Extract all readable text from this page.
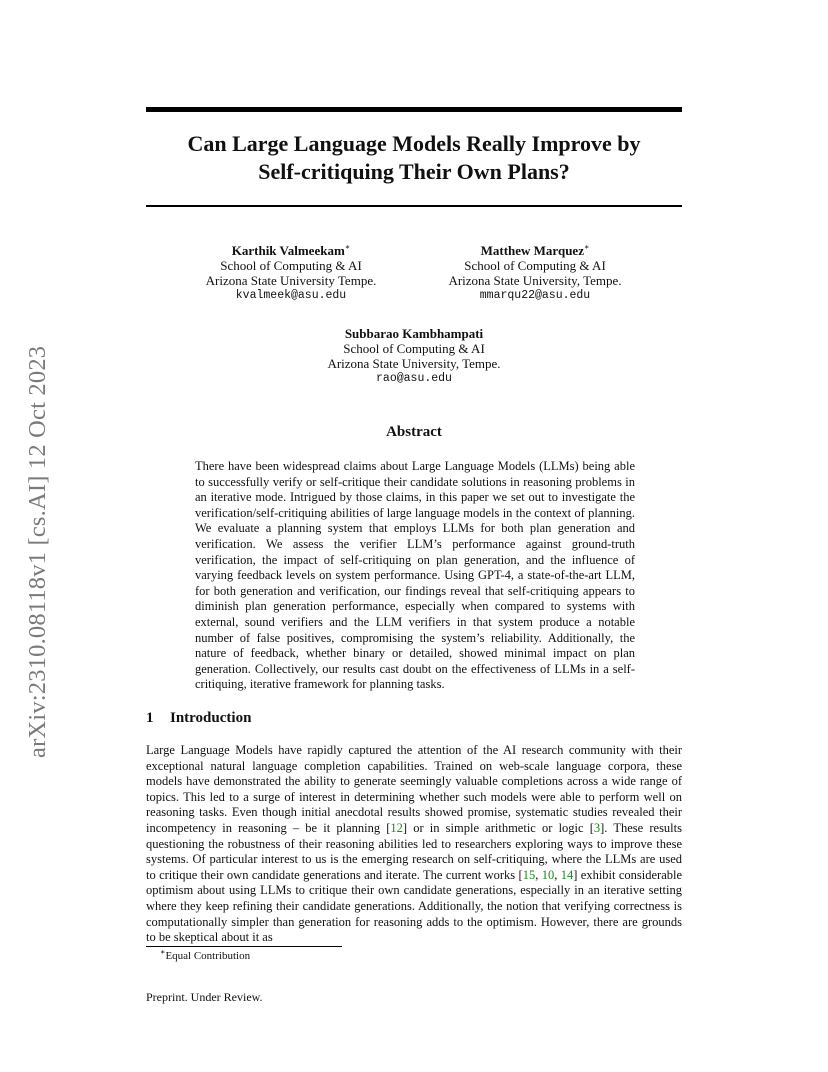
arXiv:2310.08118v1 [cs.AI] 12 Oct 2023
Can Large Language Models Really Improve by
Self-critiquing Their Own Plans?
Karthik Valmeekam∗
School of Computing & AI
Arizona State University Tempe.
kvalmeek@asu.edu
Matthew Marquez∗
School of Computing & AI
Arizona State University, Tempe.
mmarqu22@asu.edu
Subbarao Kambhampati
School of Computing & AI
Arizona State University, Tempe.
rao@asu.edu
Abstract
There have been widespread claims about Large Language Models (LLMs) being able to successfully verify or self-critique their candidate solutions in reasoning problems in an iterative mode. Intrigued by those claims, in this paper we set out to investigate the verification/self-critiquing abilities of large language models in the context of planning. We evaluate a planning system that employs LLMs for both plan generation and verification. We assess the verifier LLM’s performance against ground-truth verification, the impact of self-critiquing on plan generation, and the influence of varying feedback levels on system performance. Using GPT-4, a state-of-the-art LLM, for both generation and verification, our findings reveal that self-critiquing appears to diminish plan generation performance, especially when compared to systems with external, sound verifiers and the LLM verifiers in that system produce a notable number of false positives, compromising the system’s reliability. Additionally, the nature of feedback, whether binary or detailed, showed minimal impact on plan generation. Collectively, our results cast doubt on the effectiveness of LLMs in a self-critiquing, iterative framework for planning tasks.
1 Introduction
Large Language Models have rapidly captured the attention of the AI research community with their exceptional natural language completion capabilities. Trained on web-scale language corpora, these models have demonstrated the ability to generate seemingly valuable completions across a wide range of topics. This led to a surge of interest in determining whether such models were able to perform well on reasoning tasks. Even though initial anecdotal results showed promise, systematic studies revealed their incompetency in reasoning – be it planning [12] or in simple arithmetic or logic [3]. These results questioning the robustness of their reasoning abilities led to researchers exploring ways to improve these systems. Of particular interest to us is the emerging research on self-critiquing, where the LLMs are used to critique their own candidate generations and iterate. The current works [15, 10, 14] exhibit considerable optimism about using LLMs to critique their own candidate generations, especially in an iterative setting where they keep refining their candidate generations. Additionally, the notion that verifying correctness is computationally simpler than generation for reasoning adds to the optimism. However, there are grounds to be skeptical about it as
∗Equal Contribution
Preprint. Under Review.
